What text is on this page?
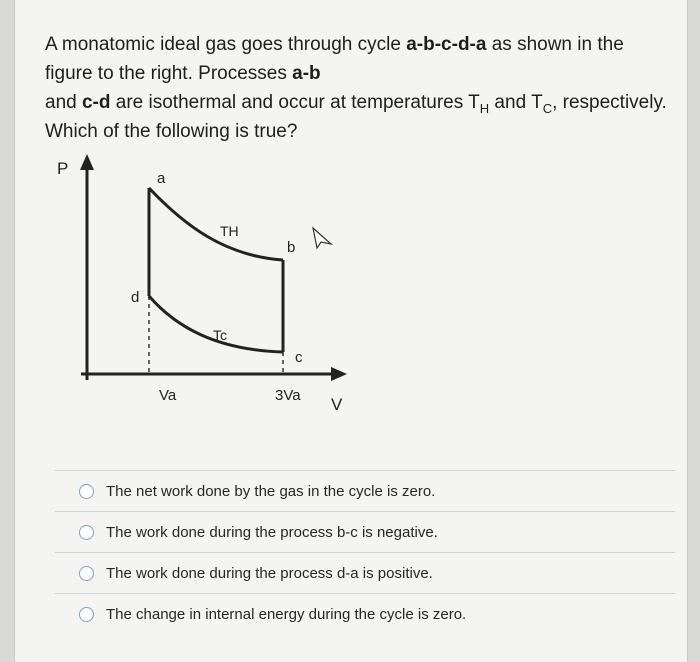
A monatomic ideal gas goes through cycle a-b-c-d-a as shown in the
figure to the right. Processes a-b
and c-d are isothermal and occur at temperatures $T_H$ and $T_C$, respectively.
Which of the following is true?
P
V
a
b
c
d
TH
Tc
Va	3Va
The net work done by the gas in the cycle is zero.
The work done during the process b-c is negative.
The work done during the process d-a is positive.
The change in internal energy during the cycle is zero.
